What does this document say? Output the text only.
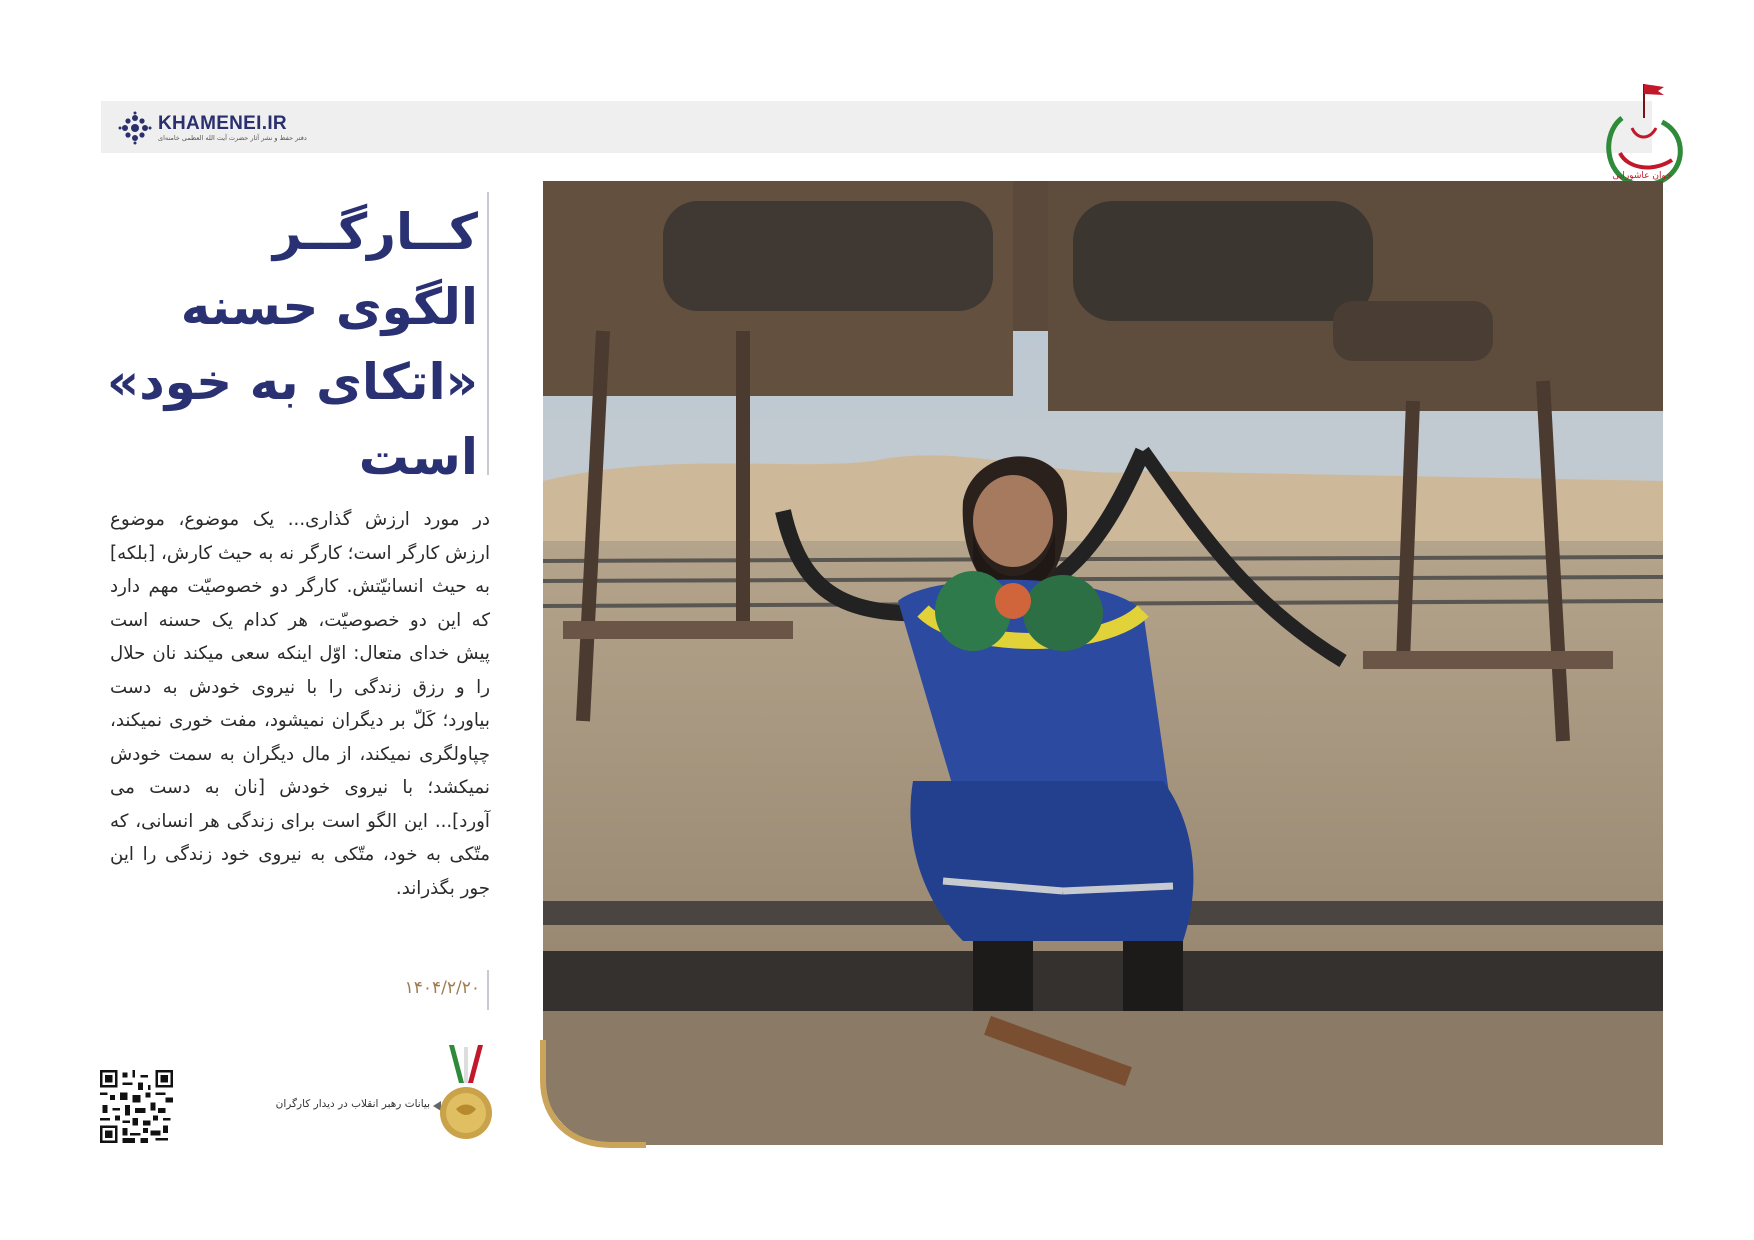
KHAMENEI.IR
دفتر حفظ و نشر آثار حضرت آیت الله العظمی خامنه‌ای
جوان عاشورایی
کــارگــر
الگوی حسنه
«اتکای به خود»
است
در مورد ارزش گذاری... یک موضوع، موضوع ارزش کارگر است؛ کارگر نه به حیث کارش، [بلکه] به حیث انسانیّتش. کارگر دو خصوصیّت مهم دارد که این دو خصوصیّت، هر کدام یک حسنه است پیش خدای متعال: اوّل اینکه سعی میکند نان حلال را و رزق زندگی را با نیروی خودش به دست بیاورد؛ کَلّ بر دیگران نمیشود، مفت خوری نمیکند، چپاولگری نمیکند، از مال دیگران به سمت خودش نمیکشد؛ با نیروی خودش [نان به دست می آورد]... این الگو است برای زندگی هر انسانی، که متّکی به خود، متّکی به نیروی خود زندگی را این جور بگذراند.
۱۴۰۴/۲/۲۰
بیانات رهبر انقلاب در دیدار کارگران
